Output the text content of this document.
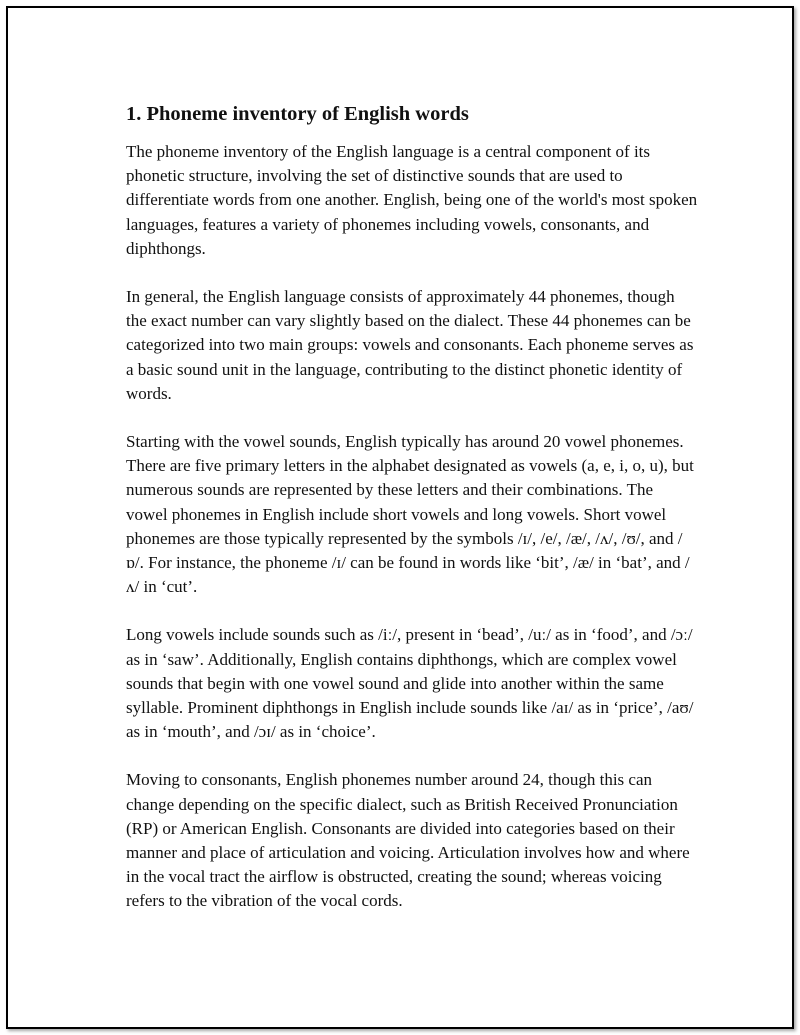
1. Phoneme inventory of English words

The phoneme inventory of the English language is a central component of its phonetic structure, involving the set of distinctive sounds that are used to differentiate words from one another. English, being one of the world's most spoken languages, features a variety of phonemes including vowels, consonants, and diphthongs.

In general, the English language consists of approximately 44 phonemes, though the exact number can vary slightly based on the dialect. These 44 phonemes can be categorized into two main groups: vowels and consonants. Each phoneme serves as a basic sound unit in the language, contributing to the distinct phonetic identity of words.

Starting with the vowel sounds, English typically has around 20 vowel phonemes. There are five primary letters in the alphabet designated as vowels (a, e, i, o, u), but numerous sounds are represented by these letters and their combinations. The vowel phonemes in English include short vowels and long vowels. Short vowel phonemes are those typically represented by the symbols /ɪ/, /e/, /æ/, /ʌ/, /ʊ/, and /ɒ/. For instance, the phoneme /ɪ/ can be found in words like ‘bit’, /æ/ in ‘bat’, and /ʌ/ in ‘cut’.

Long vowels include sounds such as /iː/, present in ‘bead’, /uː/ as in ‘food’, and /ɔː/ as in ‘saw’. Additionally, English contains diphthongs, which are complex vowel sounds that begin with one vowel sound and glide into another within the same syllable. Prominent diphthongs in English include sounds like /aɪ/ as in ‘price’, /aʊ/ as in ‘mouth’, and /ɔɪ/ as in ‘choice’.

Moving to consonants, English phonemes number around 24, though this can change depending on the specific dialect, such as British Received Pronunciation (RP) or American English. Consonants are divided into categories based on their manner and place of articulation and voicing. Articulation involves how and where in the vocal tract the airflow is obstructed, creating the sound; whereas voicing refers to the vibration of the vocal cords.
